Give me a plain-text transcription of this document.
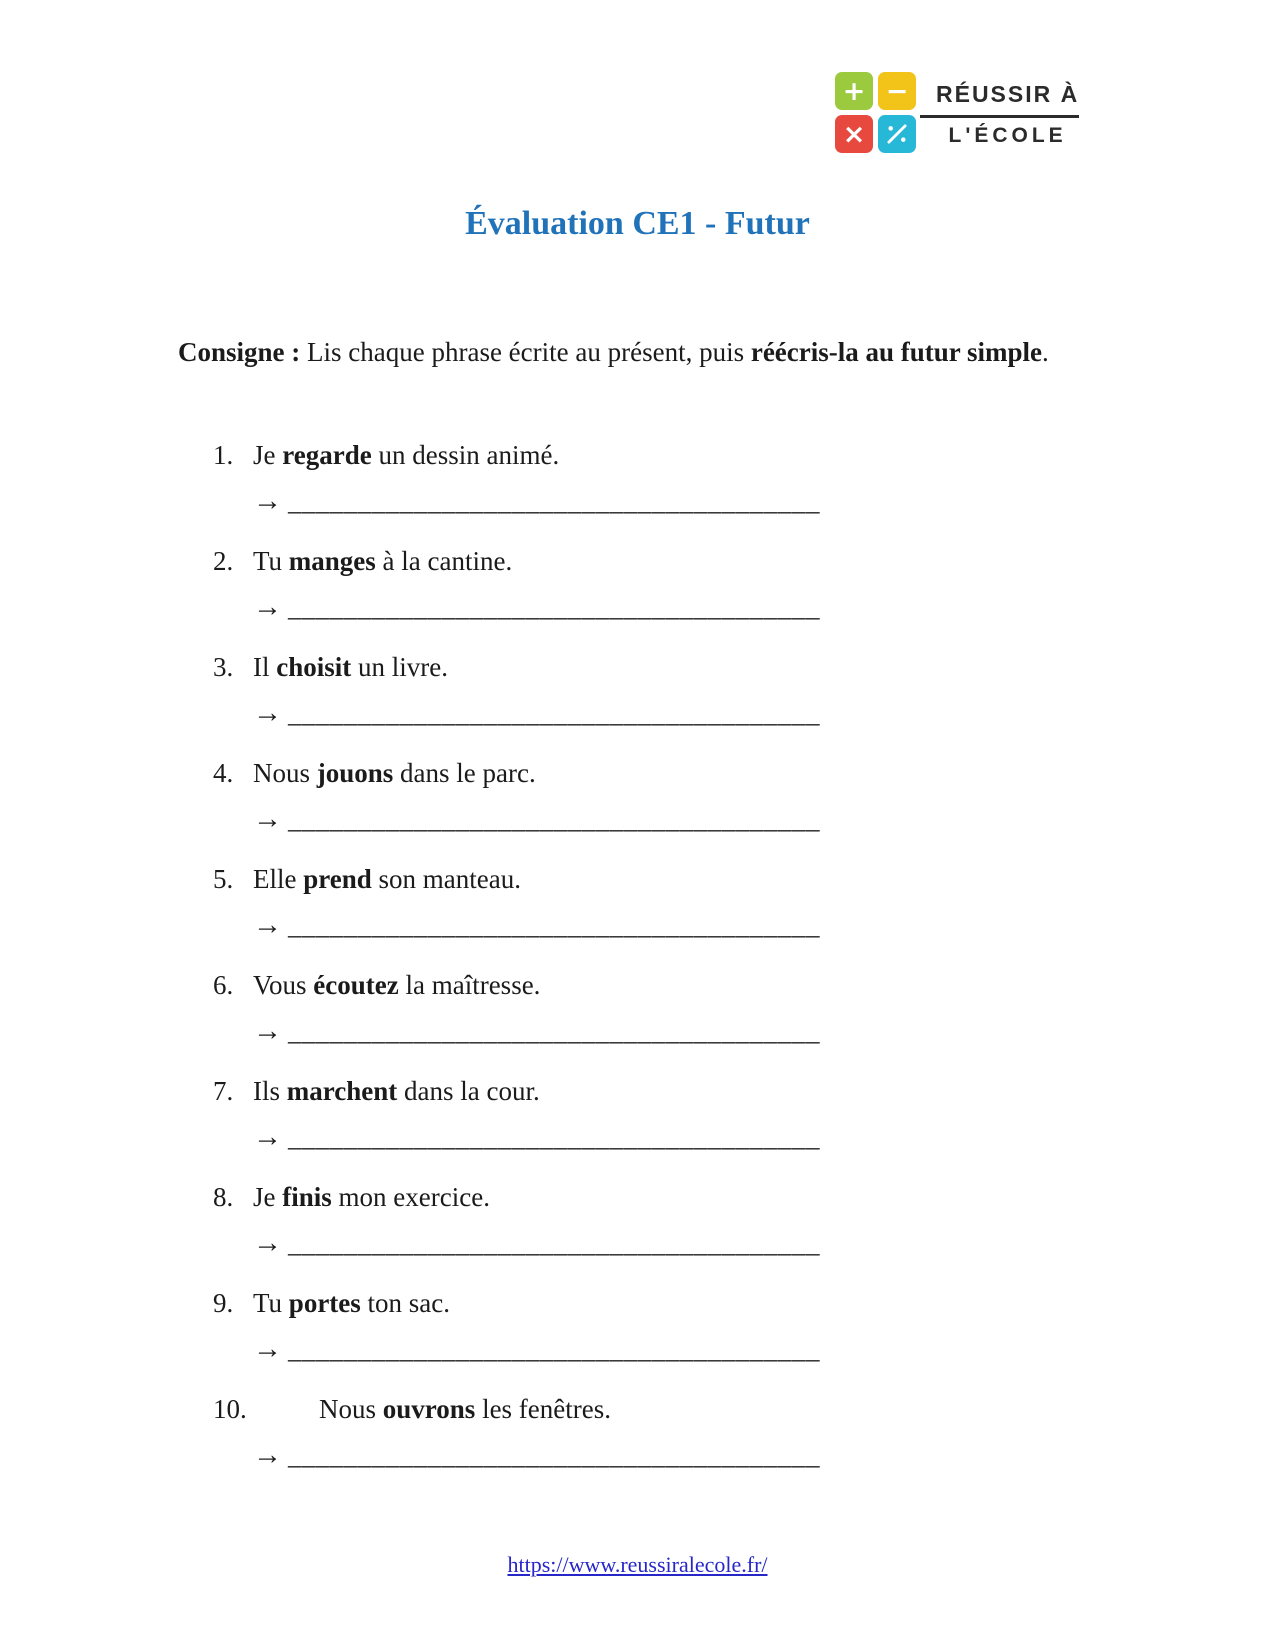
+ −
×
RÉUSSIR À
L'ÉCOLE
Évaluation CE1 - Futur

Consigne : Lis chaque phrase écrite au présent, puis réécris-la au futur simple.

1. Je regarde un dessin animé.
→ ______________________________________
2. Tu manges à la cantine.
→ ______________________________________
3. Il choisit un livre.
→ ______________________________________
4. Nous jouons dans le parc.
→ ______________________________________
5. Elle prend son manteau.
→ ______________________________________
6. Vous écoutez la maîtresse.
→ ______________________________________
7. Ils marchent dans la cour.
→ ______________________________________
8. Je finis mon exercice.
→ ______________________________________
9. Tu portes ton sac.
→ ______________________________________
10.	Nous ouvrons les fenêtres.
→ ______________________________________
https://www.reussiralecole.fr/
